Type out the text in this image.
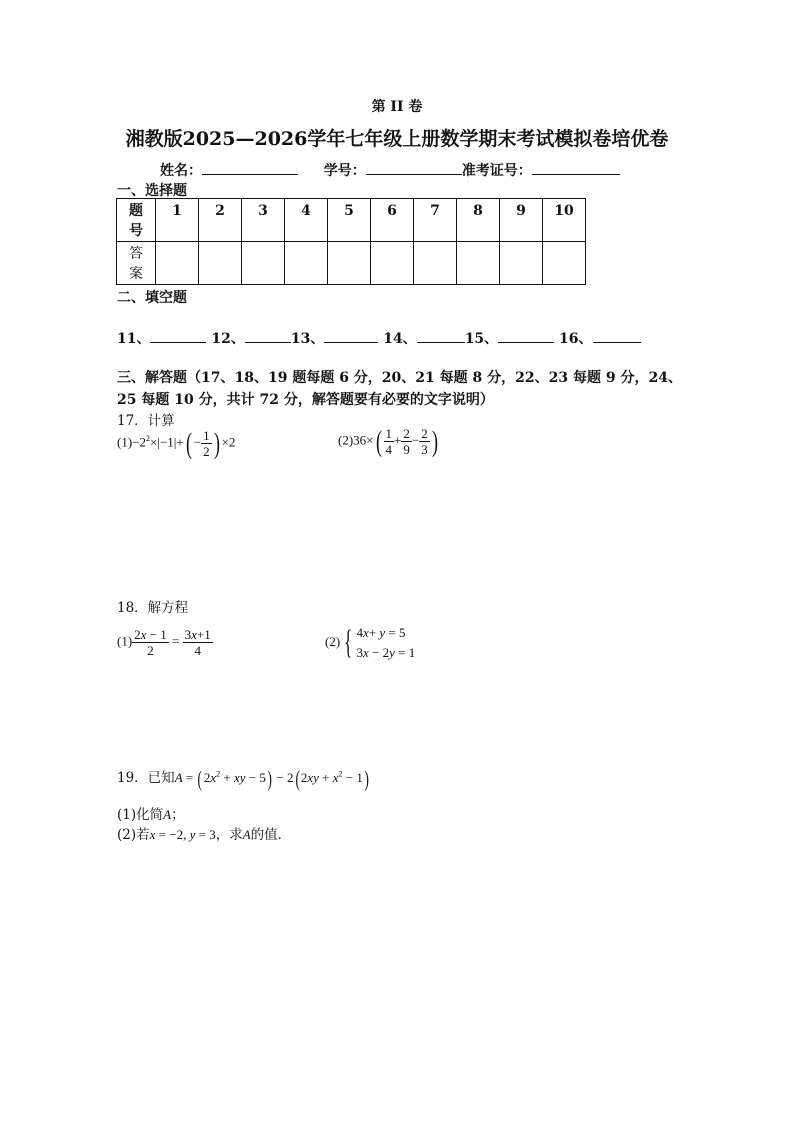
第 II 卷
湘教版2025—2026学年七年级上册数学期末考试模拟卷培优卷
姓名：	学号：	准考证号：
一、选择题
题
号	1	2	3	4	5	6	7	8	9	10
答
案										
二、填空题
11、	12、	13、	14、	15、	16、
三、解答题（17、18、19 题每题 6 分，20、21 每题 8 分，22、23 每题 9 分，24、
25 每题 10 分，共计 72 分，解答题要有必要的文字说明）
17．计算
$(1)-2^2\times|-1|+( - \frac{1}{2}$ ) ×2	$(2)36\times( \frac{1}{4} + \frac{2}{9} - \frac{2}{3}$ )
18．解方程
$(1) \frac{2x - 1}{2} = \frac{3x+1}{4}$	(2) { 4x+ y = 5
3x − 2y = 1
19．已知$A = (2x^2$ + xy − $5) - 2(2xy + x^2 - 1)$
(1)化简A；
(2)若x = −2, y = 3，求A的值．
